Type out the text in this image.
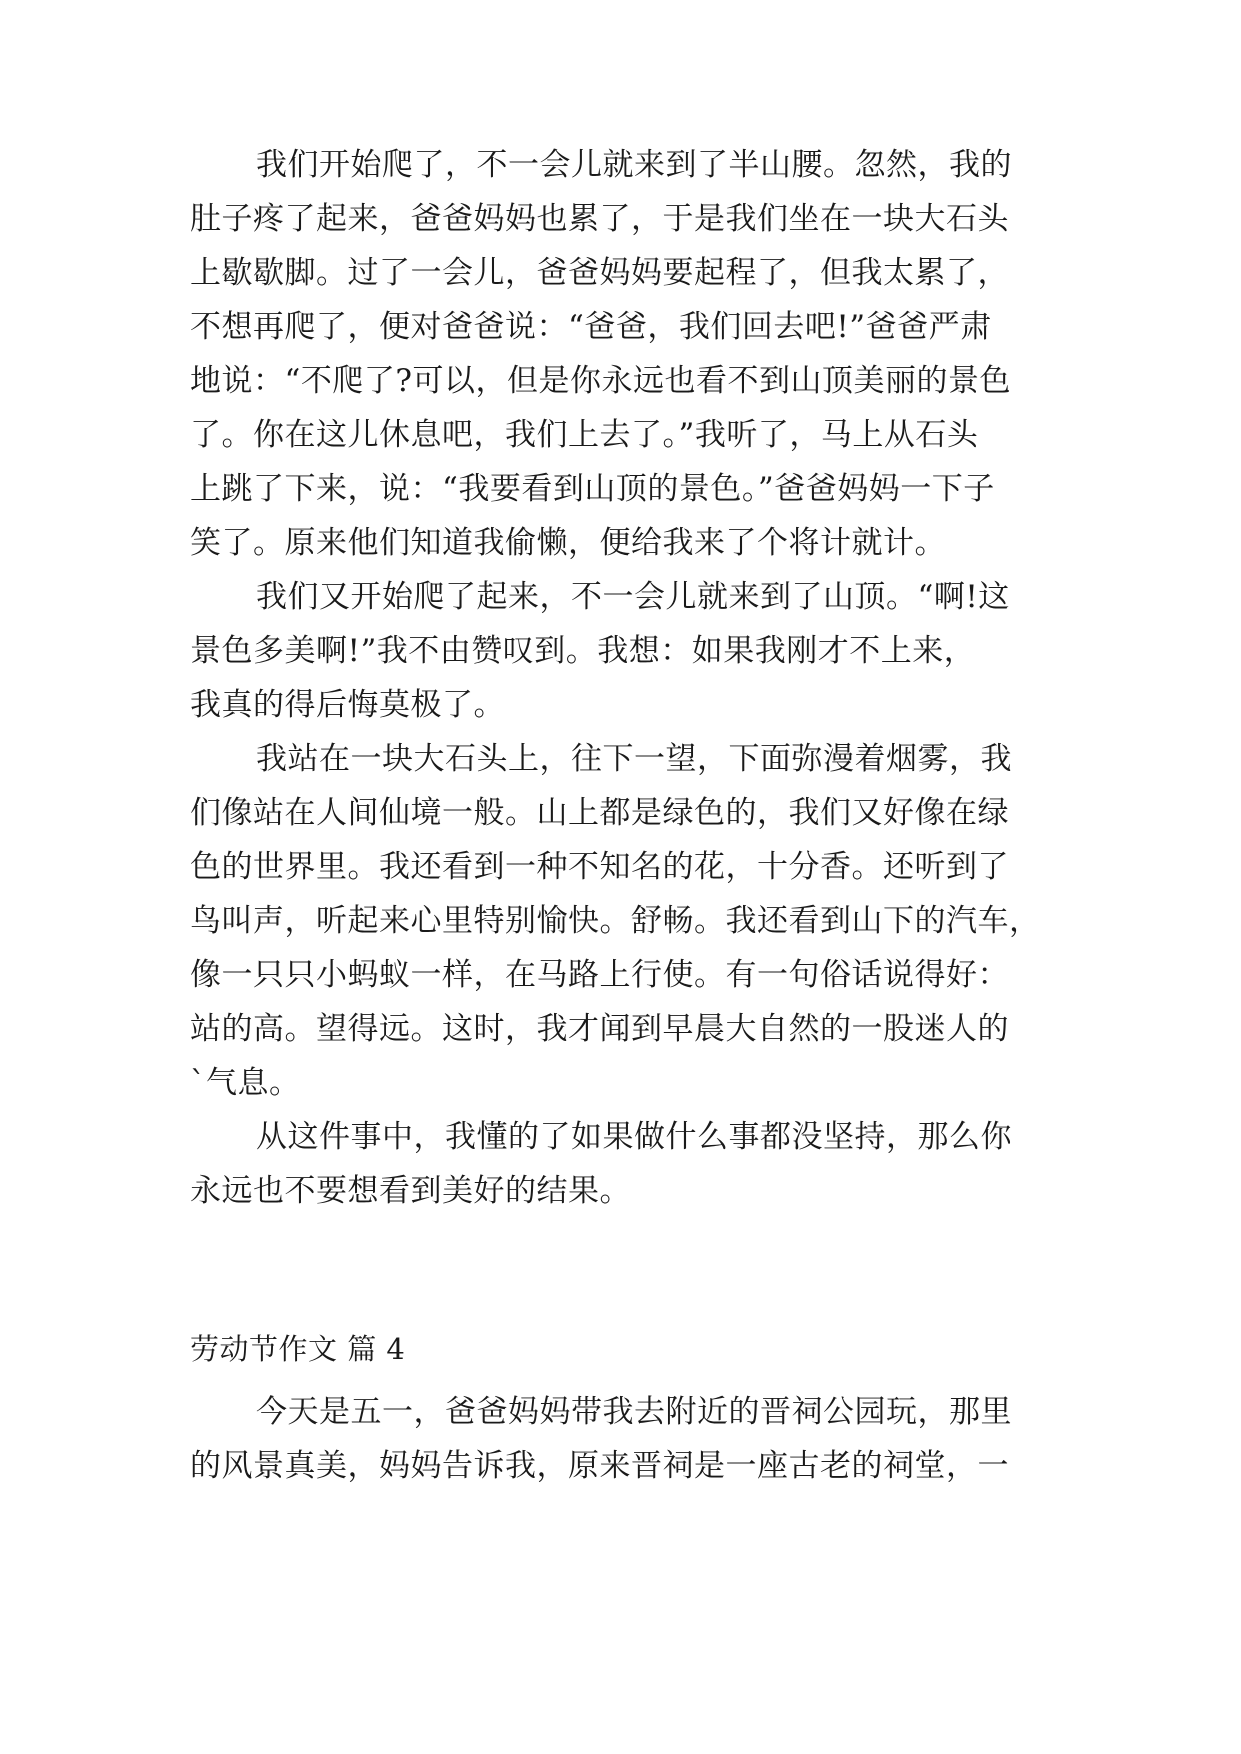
我们开始爬了，不一会儿就来到了半山腰。忽然，我的
肚子疼了起来，爸爸妈妈也累了，于是我们坐在一块大石头
上歇歇脚。过了一会儿，爸爸妈妈要起程了，但我太累了，
不想再爬了，便对爸爸说：“爸爸，我们回去吧!”爸爸严肃
地说：“不爬了?可以，但是你永远也看不到山顶美丽的景色
了。你在这儿休息吧，我们上去了。”我听了，马上从石头
上跳了下来，说：“我要看到山顶的景色。”爸爸妈妈一下子
笑了。原来他们知道我偷懒，便给我来了个将计就计。
我们又开始爬了起来，不一会儿就来到了山顶。“啊!这
景色多美啊!”我不由赞叹到。我想：如果我刚才不上来，
我真的得后悔莫极了。
我站在一块大石头上，往下一望，下面弥漫着烟雾，我
们像站在人间仙境一般。山上都是绿色的，我们又好像在绿
色的世界里。我还看到一种不知名的花，十分香。还听到了
鸟叫声，听起来心里特别愉快。舒畅。我还看到山下的汽车，
像一只只小蚂蚁一样，在马路上行使。有一句俗话说得好：
站的高。望得远。这时，我才闻到早晨大自然的一股迷人的
`气息。
从这件事中，我懂的了如果做什么事都没坚持，那么你
永远也不要想看到美好的结果。
劳动节作文 篇 4
今天是五一，爸爸妈妈带我去附近的晋祠公园玩，那里
的风景真美，妈妈告诉我，原来晋祠是一座古老的祠堂，一
